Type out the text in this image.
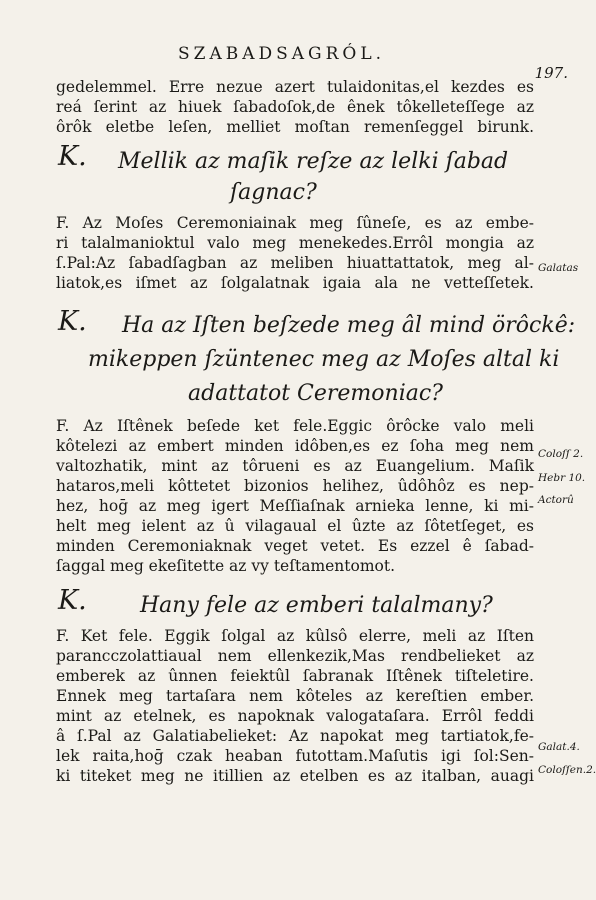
SZABADSAGRÓL.
197.
gedelemmel. Erre nezue azert tulaidonitas,el kezdes es
reá ſerint az hiuek ſabadoſok,de ênek tôkelleteſſege az
ôrôk eletbe leſen, melliet moſtan remenſeggel birunk.
K. Mellik az maſik reſze az lelki ſabad
ſagnac?
F. Az Moſes Ceremoniainak meg ſûneſe, es az embe-
ri talalmanioktul valo meg menekedes.Errôl mongia az
ſ.Pal:Az ſabadſagban az meliben hiuattattatok, meg al-
liatok,es iſmet az ſolgalatnak igaia ala ne vetteſſetek.
K. Ha az Iſten beſzede meg âl mind örôckê:
mikeppen ſzüntenec meg az Moſes altal ki
adattatot Ceremoniac?
F. Az Iſtênek beſede ket fele.Eggic ôrôcke valo meli
kôtelezi az embert minden idôben,es ez ſoha meg nem
valtozhatik, mint az tôrueni es az Euangelium. Maſik
hataros,meli kôttetet bizonios helihez, ûdôhôz es nep-
hez, hoḡ az meg igert Meſſiaſnak arnieka lenne, ki mi-
helt meg ielent az û vilagaual el ûzte az ſôtetſeget, es
minden Ceremoniaknak veget vetet. Es ezzel ê ſabad-
ſaggal meg ekeſitette az vy teſtamentomot.
K. Hany fele az emberi talalmany?
F. Ket fele. Eggik ſolgal az kûlsô elerre, meli az Iſten
parancczolattiaual nem ellenkezik,Mas rendbelieket az
emberek az ûnnen feiektûl ſabranak Iſtênek tiſteletire.
Ennek meg tartaſara nem kôteles az kereſtien ember.
mint az etelnek, es napoknak valogataſara. Errôl feddi
â ſ.Pal az Galatiabelieket: Az napokat meg tartiatok,fe-
lek raita,hoḡ czak heaban futottam.Maſutis igi ſol:Sen-
ki titeket meg ne itillien az etelben es az italban, auagi
Galatas
Coloſſ 2.
Hebr 10.
Actorû
Galat.4.
Coloſſen.2.
